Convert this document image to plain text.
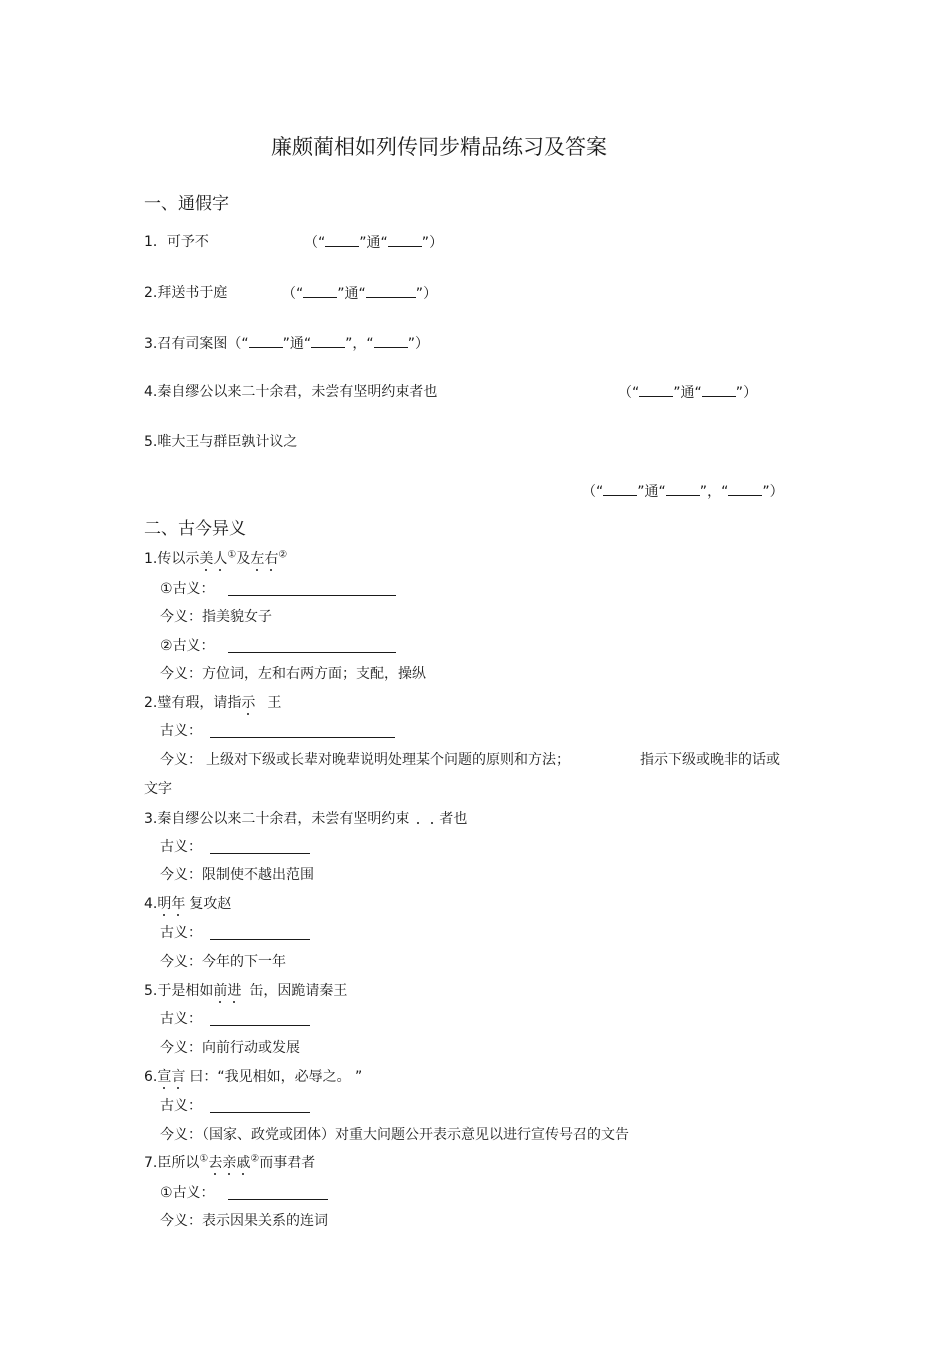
廉颇蔺相如列传同步精品练习及答案
一、通假字
1．可予不	（“ ”通“ ”）
2.拜送书于庭	（“ ”通“	”）
3.召有司案图（“ ”通“ ”，“ ”）
4.秦自缪公以来二十余君，未尝有坚明约束者也	（“ ”通“ ”）
5.唯大王与群臣孰计议之
（“ ”通“ ”，“ ”）
二、古今异义
1.传以示美人①及左右②
①古义：
今义：指美貌女子
②古义：
今义：方位词，左和右两方面；支配，操纵
2.璧有瑕，请指示 王
古义：
今义： 上级对下级或长辈对晚辈说明处理某个问题的原则和方法；	指示下级或晚非的话或
文字
3.秦自缪公以来二十余君，未尝有坚明约束 者也
古义：
今义：限制使不越出范围
4.明年 复攻赵
古义：
今义：今年的下一年
5.于是相如前进 缶，因跪请秦王
古义：
今义：向前行动或发展
6.宣言 曰：“我见相如，必辱之。 ”
古义：
今义：（国家、政党或团体）对重大问题公开表示意见以进行宣传号召的文告
7.臣所以①去亲戚②而事君者
①古义：
今义：表示因果关系的连词
